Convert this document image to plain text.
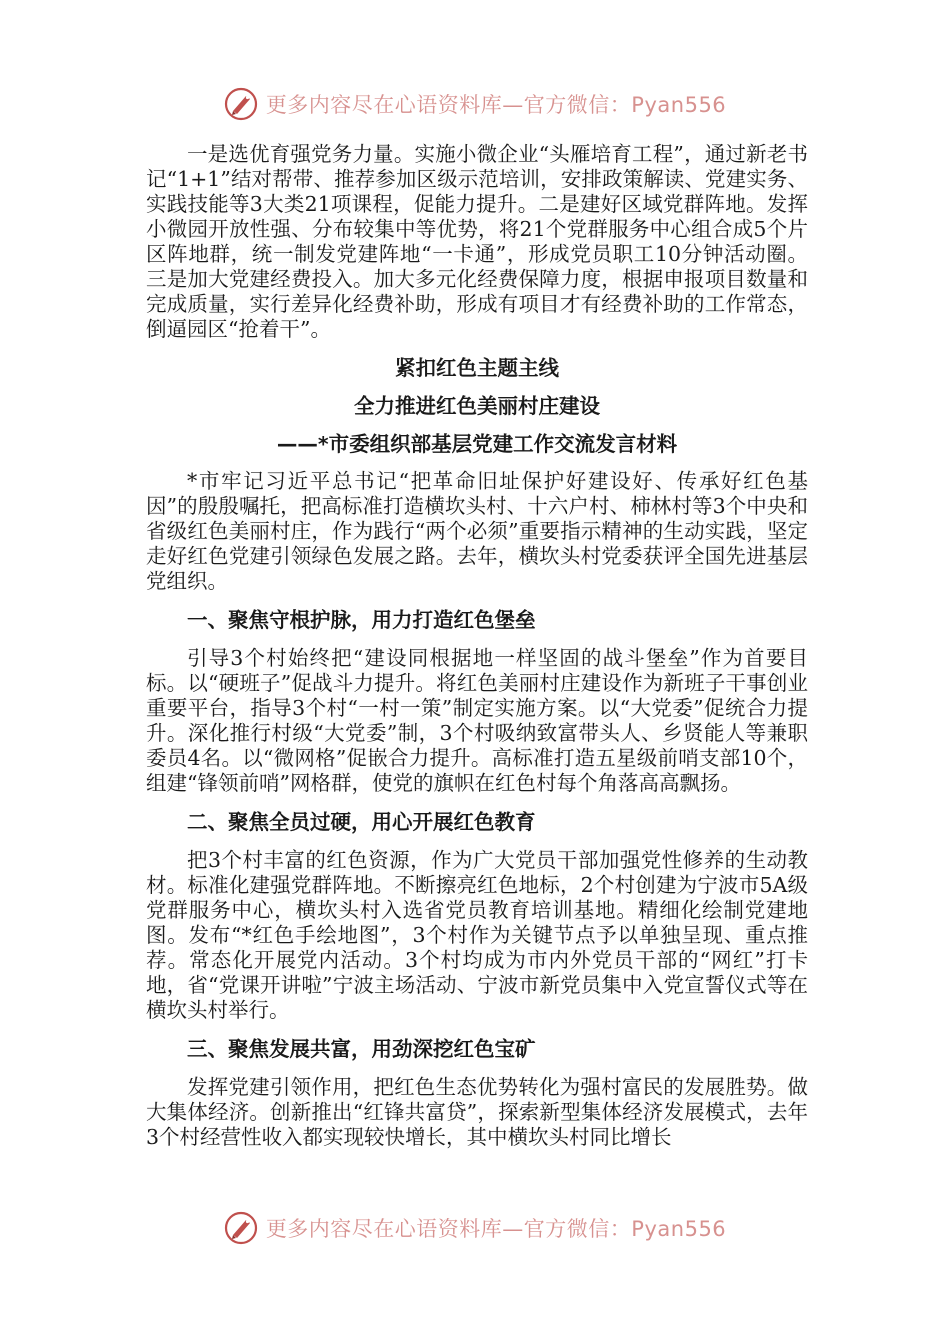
更多内容尽在心语资料库—官方微信：Pyan556

一是选优育强党务力量。实施小微企业“头雁培育工程”，通过新老书记“1+1”结对帮带、推荐参加区级示范培训，安排政策解读、党建实务、实践技能等3大类21项课程，促能力提升。二是建好区域党群阵地。发挥小微园开放性强、分布较集中等优势，将21个党群服务中心组合成5个片区阵地群，统一制发党建阵地“一卡通”，形成党员职工10分钟活动圈。三是加大党建经费投入。加大多元化经费保障力度，根据申报项目数量和完成质量，实行差异化经费补助，形成有项目才有经费补助的工作常态，倒逼园区“抢着干”。

紧扣红色主题主线
全力推进红色美丽村庄建设
——*市委组织部基层党建工作交流发言材料

*市牢记习近平总书记“把革命旧址保护好建设好、传承好红色基因”的殷殷嘱托，把高标准打造横坎头村、十六户村、柿林村等3个中央和省级红色美丽村庄，作为践行“两个必须”重要指示精神的生动实践，坚定走好红色党建引领绿色发展之路。去年，横坎头村党委获评全国先进基层党组织。

一、聚焦守根护脉，用力打造红色堡垒

引导3个村始终把“建设同根据地一样坚固的战斗堡垒”作为首要目标。以“硬班子”促战斗力提升。将红色美丽村庄建设作为新班子干事创业重要平台，指导3个村“一村一策”制定实施方案。以“大党委”促统合力提升。深化推行村级“大党委”制，3个村吸纳致富带头人、乡贤能人等兼职委员4名。以“微网格”促嵌合力提升。高标准打造五星级前哨支部10个，组建“锋领前哨”网格群，使党的旗帜在红色村每个角落高高飘扬。

二、聚焦全员过硬，用心开展红色教育

把3个村丰富的红色资源，作为广大党员干部加强党性修养的生动教材。标准化建强党群阵地。不断擦亮红色地标，2个村创建为宁波市5A级党群服务中心，横坎头村入选省党员教育培训基地。精细化绘制党建地图。发布“*红色手绘地图”，3个村作为关键节点予以单独呈现、重点推荐。常态化开展党内活动。3个村均成为市内外党员干部的“网红”打卡地，省“党课开讲啦”宁波主场活动、宁波市新党员集中入党宣誓仪式等在横坎头村举行。

三、聚焦发展共富，用劲深挖红色宝矿

发挥党建引领作用，把红色生态优势转化为强村富民的发展胜势。做大集体经济。创新推出“红锋共富贷”，探索新型集体经济发展模式，去年3个村经营性收入都实现较快增长，其中横坎头村同比增长

更多内容尽在心语资料库—官方微信：Pyan556
